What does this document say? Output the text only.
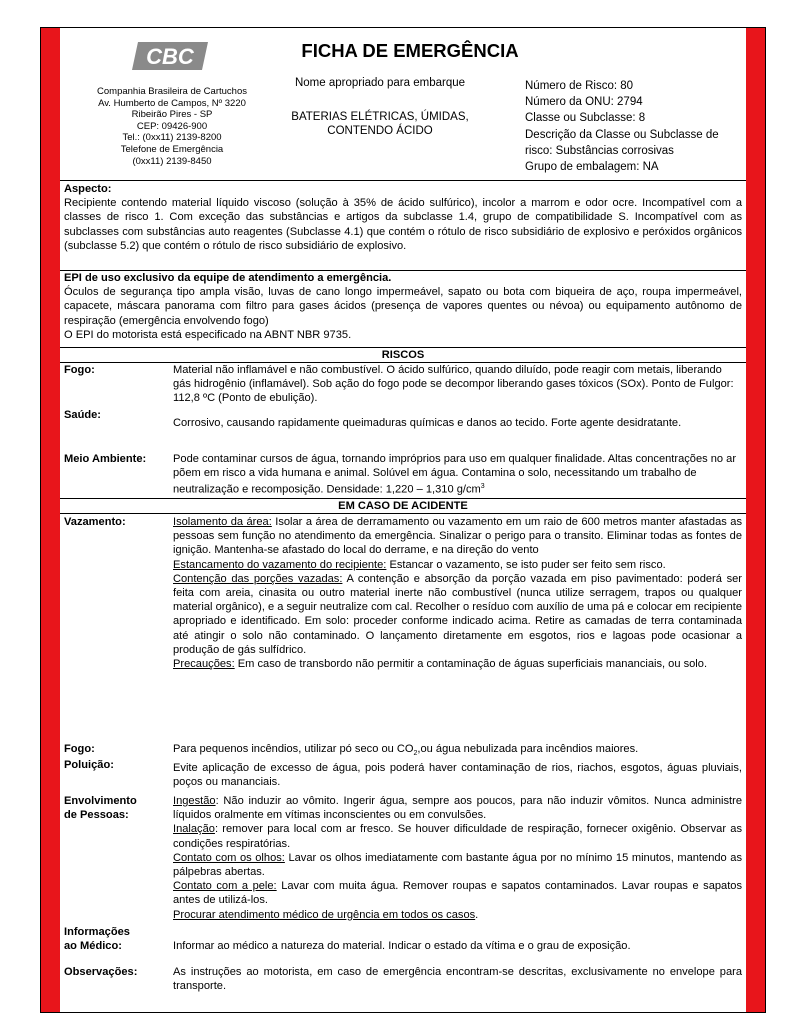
CBC
Companhia Brasileira de Cartuchos
Av. Humberto de Campos, Nº 3220
Ribeirão Pires - SP
CEP: 09426-900
Tel.: (0xx11) 2139-8200
Telefone de Emergência
(0xx11) 2139-8450
FICHA DE EMERGÊNCIA
Nome apropriado para embarque
BATERIAS ELÉTRICAS, ÚMIDAS,
CONTENDO ÁCIDO
Número de Risco: 80
Número da ONU: 2794
Classe ou Subclasse: 8
Descrição da Classe ou Subclasse de
risco: Substâncias corrosivas
Grupo de embalagem: NA
Aspecto:
Recipiente contendo material líquido viscoso (solução à 35% de ácido sulfúrico), incolor a marrom e odor ocre. Incompatível com a classes de risco 1. Com exceção das substâncias e artigos da subclasse 1.4, grupo de compatibilidade S. Incompatível com as subclasses com substâncias auto reagentes (Subclasse 4.1) que contém o rótulo de risco subsidiário de explosivo e peróxidos orgânicos (subclasse 5.2) que contém o rótulo de risco subsidiário de explosivo.
EPI de uso exclusivo da equipe de atendimento a emergência.
Óculos de segurança tipo ampla visão, luvas de cano longo impermeável, sapato ou bota com biqueira de aço, roupa impermeável, capacete, máscara panorama com filtro para gases ácidos (presença de vapores quentes ou névoa) ou equipamento autônomo de respiração (emergência envolvendo fogo)
O EPI do motorista está especificado na ABNT NBR 9735.
RISCOS
Fogo:	Material não inflamável e não combustível. O ácido sulfúrico, quando diluído, pode reagir com metais, liberando gás hidrogênio (inflamável). Sob ação do fogo pode se decompor liberando gases tóxicos (SOx). Ponto de Fulgor: 112,8 ºC (Ponto de ebulição).
Saúde:
Corrosivo, causando rapidamente queimaduras químicas e danos ao tecido. Forte agente desidratante.
Meio Ambiente: Pode contaminar cursos de água, tornando impróprios para uso em qualquer finalidade. Altas concentrações no ar põem em risco a vida humana e animal. Solúvel em água. Contamina o solo, necessitando um trabalho de neutralização e recomposição. Densidade: 1,220 – 1,310 $g/cm^3$
EM CASO DE ACIDENTE
Vazamento:	Isolamento da área: Isolar a área de derramamento ou vazamento em um raio de 600 metros manter afastadas as pessoas sem função no atendimento da emergência. Sinalizar o perigo para o transito. Eliminar todas as fontes de ignição. Mantenha-se afastado do local do derrame, e na direção do vento
Estancamento do vazamento do recipiente: Estancar o vazamento, se isto puder ser feito sem risco.
Contenção das porções vazadas: A contenção e absorção da porção vazada em piso pavimentado: poderá ser feita com areia, cinasita ou outro material inerte não combustível (nunca utilize serragem, trapos ou qualquer material orgânico), e a seguir neutralize com cal. Recolher o resíduo com auxílio de uma pá e colocar em recipiente apropriado e identificado. Em solo: proceder conforme indicado acima. Retire as camadas de terra contaminada até atingir o solo não contaminado. O lançamento diretamente em esgotos, rios e lagoas pode ocasionar a produção de gás sulfídrico.
Precauções: Em caso de transbordo não permitir a contaminação de águas superficiais mananciais, ou solo.
Fogo:	Para pequenos incêndios, utilizar pó seco ou $CO_2,ou$ água nebulizada para incêndios maiores.
Poluição:	Evite aplicação de excesso de água, pois poderá haver contaminação de rios, riachos, esgotos, águas pluviais, poços ou mananciais.
Envolvimento
de Pessoas:
Ingestão: Não induzir ao vômito. Ingerir água, sempre aos poucos, para não induzir vômitos. Nunca administre líquidos oralmente em vítimas inconscientes ou em convulsões.
Inalação: remover para local com ar fresco. Se houver dificuldade de respiração, fornecer oxigênio. Observar as condições respiratórias.
Contato com os olhos: Lavar os olhos imediatamente com bastante água por no mínimo 15 minutos, mantendo as pálpebras abertas.
Contato com a pele: Lavar com muita água. Remover roupas e sapatos contaminados. Lavar roupas e sapatos antes de utilizá-los.
Procurar atendimento médico de urgência em todos os casos.
Informações
ao Médico:	Informar ao médico a natureza do material. Indicar o estado da vítima e o grau de exposição.
Observações:	As instruções ao motorista, em caso de emergência encontram-se descritas, exclusivamente no envelope para transporte.
